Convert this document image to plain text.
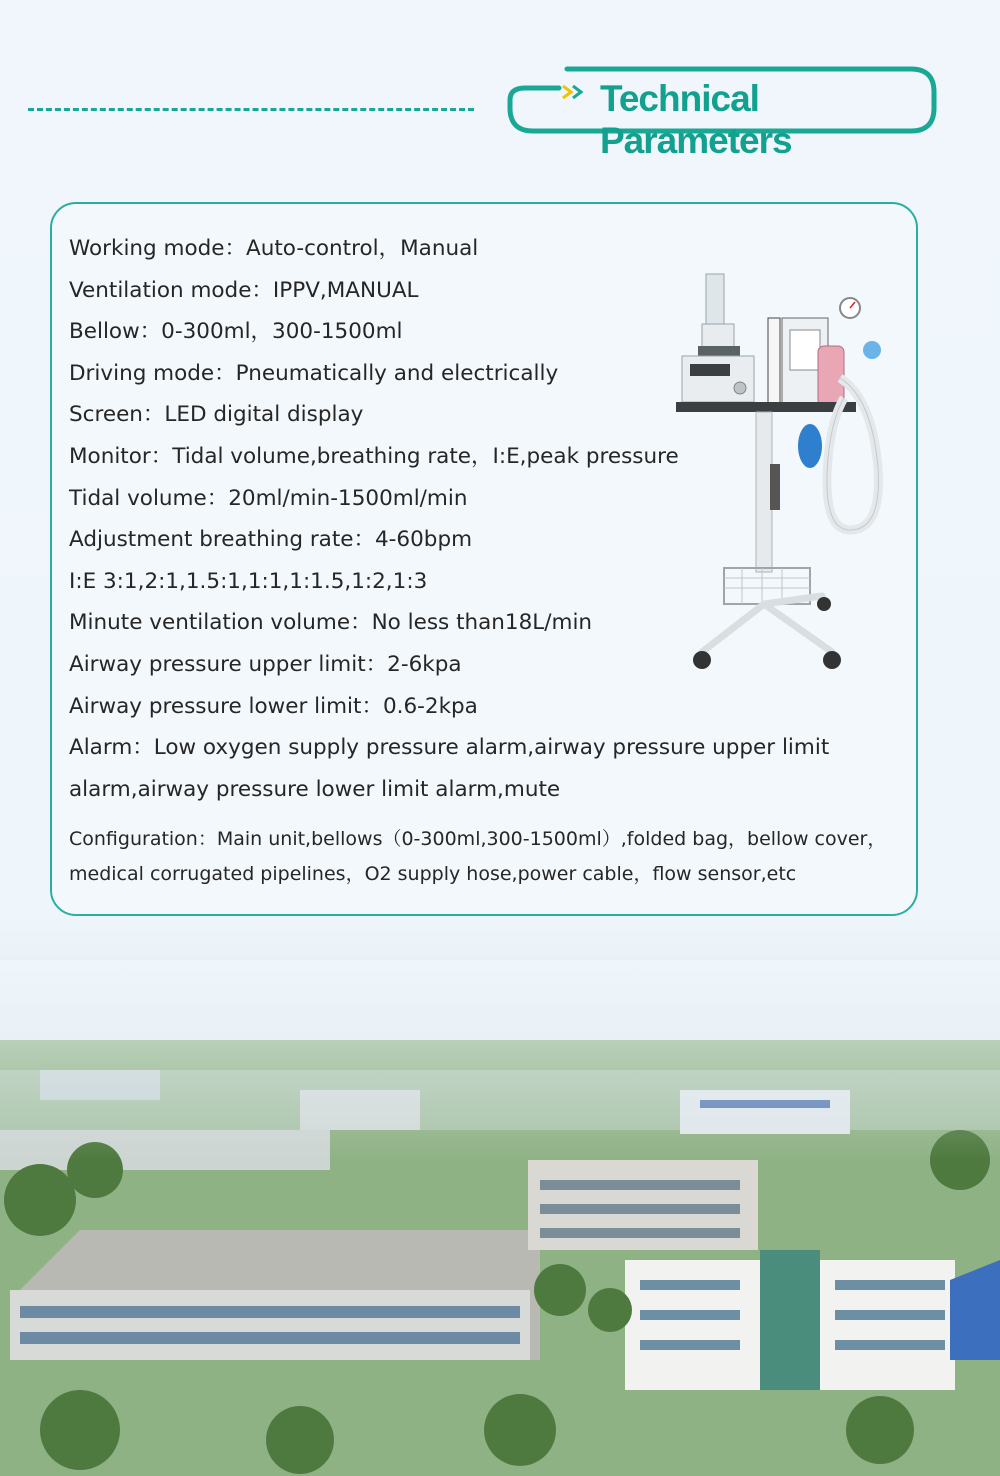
Technical Parameters
Working mode：Auto-control，Manual
Ventilation mode：IPPV,MANUAL
Bellow：0-300ml，300-1500ml
Driving mode：Pneumatically and electrically
Screen：LED digital display
Monitor：Tidal volume,breathing rate，I:E,peak pressure
Tidal volume：20ml/min-1500ml/min
Adjustment breathing rate：4-60bpm
I:E 3:1,2:1,1.5:1,1:1,1:1.5,1:2,1:3
Minute ventilation volume：No less than18L/min
Airway pressure upper limit：2-6kpa
Airway pressure lower limit：0.6-2kpa
Alarm：Low oxygen supply pressure alarm,airway pressure upper limit alarm,airway pressure lower limit alarm,mute
Configuration：Main unit,bellows（0-300ml,300-1500ml）,folded bag，bellow cover，medical corrugated pipelines，O2 supply hose,power cable，flow sensor,etc
